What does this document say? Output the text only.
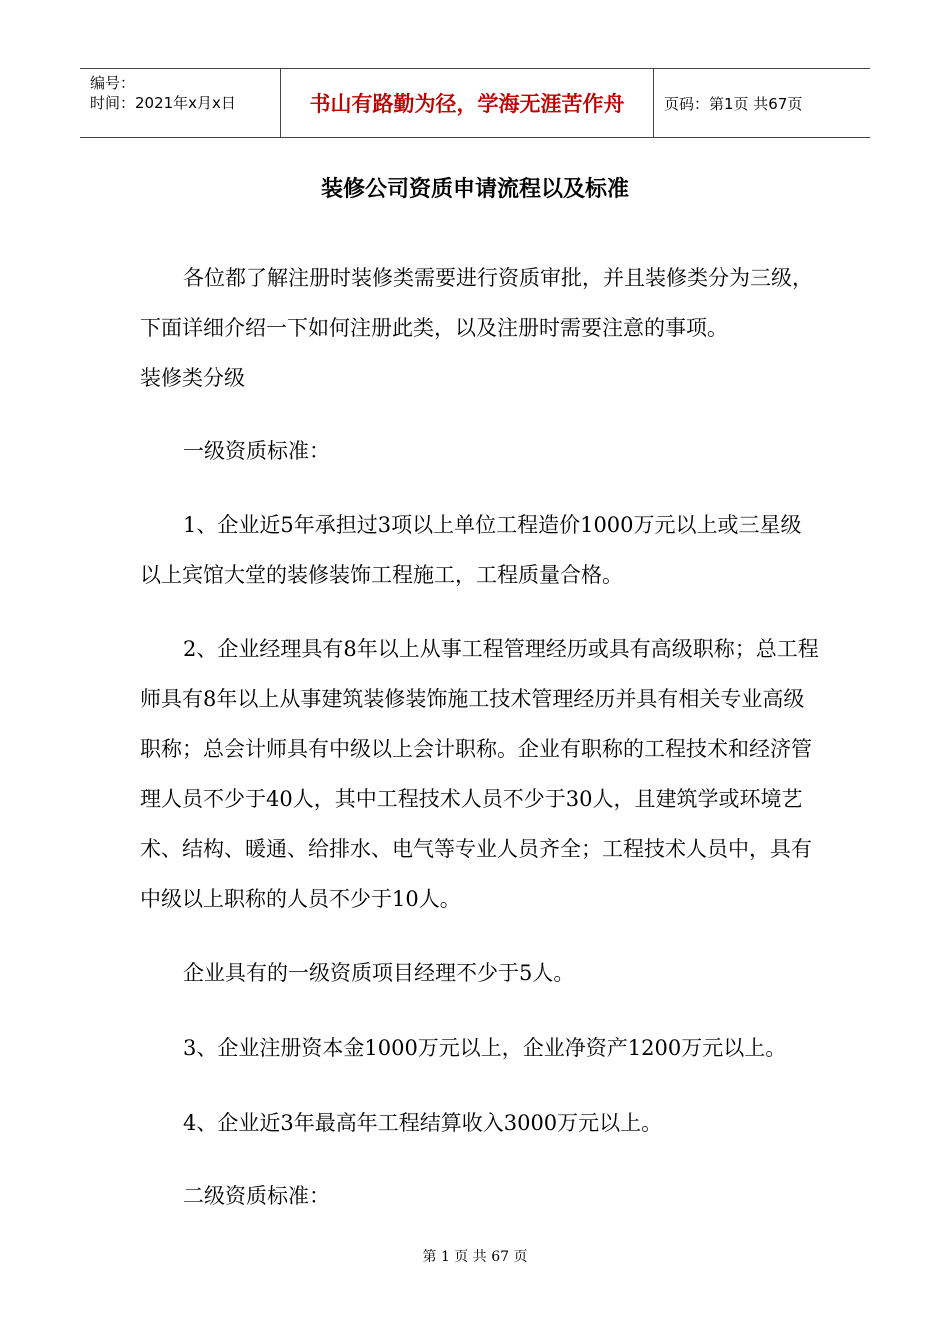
编号：
时间：2021年x月x日	书山有路勤为径，学海无涯苦作舟	页码：第1页 共67页
装修公司资质申请流程以及标准

各位都了解注册时装修类需要进行资质审批，并且装修类分为三级，下面详细介绍一下如何注册此类，以及注册时需要注意的事项。

装修类分级

一级资质标准：

1、企业近5年承担过3项以上单位工程造价1000万元以上或三星级以上宾馆大堂的装修装饰工程施工，工程质量合格。

2、企业经理具有8年以上从事工程管理经历或具有高级职称；总工程师具有8年以上从事建筑装修装饰施工技术管理经历并具有相关专业高级职称；总会计师具有中级以上会计职称。企业有职称的工程技术和经济管理人员不少于40人，其中工程技术人员不少于30人，且建筑学或环境艺术、结构、暖通、给排水、电气等专业人员齐全；工程技术人员中，具有中级以上职称的人员不少于10人。

企业具有的一级资质项目经理不少于5人。

3、企业注册资本金1000万元以上，企业净资产1200万元以上。

4、企业近3年最高年工程结算收入3000万元以上。

二级资质标准：

第 1 页 共 67 页
